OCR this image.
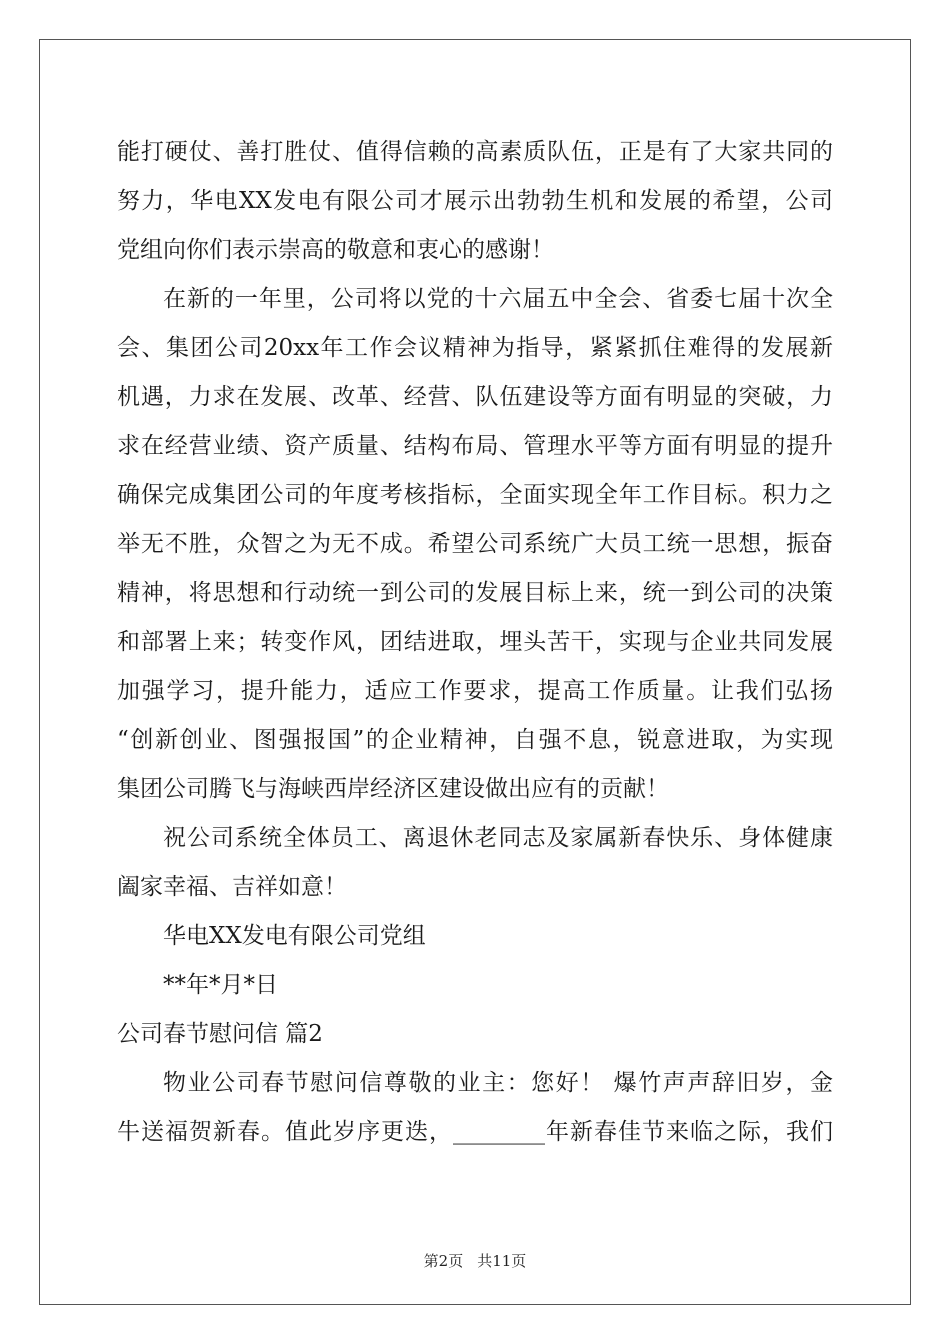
能打硬仗、善打胜仗、值得信赖的高素质队伍，正是有了大家共同的
努力，华电XX发电有限公司才展示出勃勃生机和发展的希望，公司
党组向你们表示崇高的敬意和衷心的感谢！
在新的一年里，公司将以党的十六届五中全会、省委七届十次全
会、集团公司20xx年工作会议精神为指导，紧紧抓住难得的发展新
机遇，力求在发展、改革、经营、队伍建设等方面有明显的突破，力
求在经营业绩、资产质量、结构布局、管理水平等方面有明显的提升
确保完成集团公司的年度考核指标，全面实现全年工作目标。积力之
举无不胜，众智之为无不成。希望公司系统广大员工统一思想，振奋
精神，将思想和行动统一到公司的发展目标上来，统一到公司的决策
和部署上来；转变作风，团结进取，埋头苦干，实现与企业共同发展
加强学习，提升能力，适应工作要求，提高工作质量。让我们弘扬
“创新创业、图强报国”的企业精神，自强不息，锐意进取，为实现
集团公司腾飞与海峡西岸经济区建设做出应有的贡献！
祝公司系统全体员工、离退休老同志及家属新春快乐、身体健康
阖家幸福、吉祥如意！
华电XX发电有限公司党组
**年*月*日
公司春节慰问信 篇2
物业公司春节慰问信尊敬的业主：您好！ 爆竹声声辞旧岁，金
牛送福贺新春。值此岁序更迭，________年新春佳节来临之际，我们
第2页 共11页
